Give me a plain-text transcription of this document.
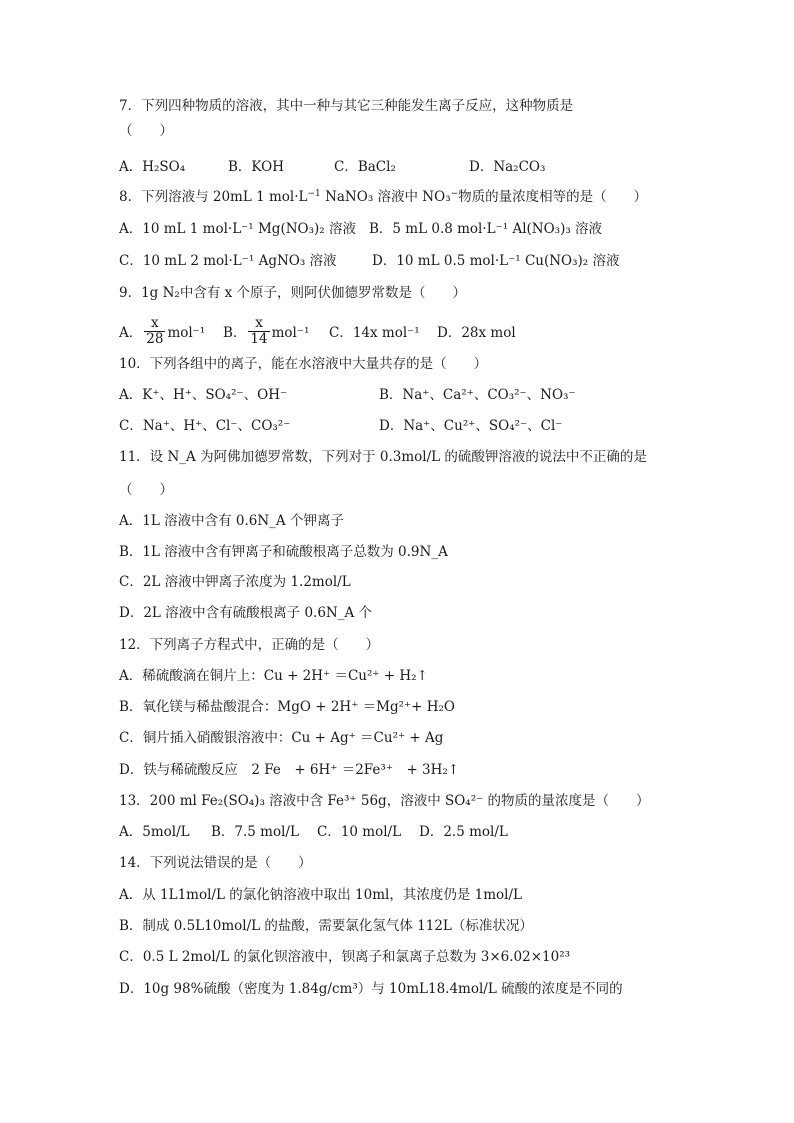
7．下列四种物质的溶液，其中一种与其它三种能发生离子反应，这种物质是
（　　）
A．H₂SO₄	B．KOH	C．BaCl₂	D．Na₂CO₃
8．下列溶液与 20mL 1 $mol\cdot L^{-1}$ NaNO₃ 溶液中 NO₃−物质的量浓度相等的是（　　）
A．10 mL 1 mol·L⁻¹ Mg(NO₃)₂ 溶液 B．5 mL 0.8 mol·L⁻¹ Al(NO₃)₃ 溶液
C．10 mL 2 mol·L⁻¹ AgNO₃ 溶液	D．10 mL 0.5 mol·L⁻¹ Cu(NO₃)₂ 溶液
9．1g N₂中含有 x 个原子，则阿伏伽德罗常数是（　　）
A． $\frac{x}{28} mol^{-1}$ B． $\frac{x}{14} mol^{-1}$ C．14x mol⁻¹ D．28x mol
10．下列各组中的离子，能在水溶液中大量共存的是（　　）
A．K⁺、H⁺、SO₄²⁻、OH⁻	B．Na⁺、Ca²⁺、CO₃²⁻、NO₃⁻
C．Na⁺、H⁺、Cl⁻、CO₃²⁻	D．Na⁺、Cu²⁺、SO₄²⁻、Cl⁻
11．设 N_A 为阿佛加德罗常数，下列对于 0.3mol/L 的硫酸钾溶液的说法中不正确的是
（　　）
A．1L 溶液中含有 0.6N_A 个钾离子
B．1L 溶液中含有钾离子和硫酸根离子总数为 0.9N_A
C．2L 溶液中钾离子浓度为 1.2mol/L
D．2L 溶液中含有硫酸根离子 0.6N_A 个
12．下列离子方程式中，正确的是（　　）
A．稀硫酸滴在铜片上：Cu + 2H⁺ ＝Cu²⁺ + H₂↑
B．氧化镁与稀盐酸混合：MgO + 2H⁺ ＝Mg²⁺+ H₂O
C．铜片插入硝酸银溶液中：Cu + Ag⁺ ＝Cu²⁺ + Ag
D．铁与稀硫酸反应　2 Fe　+ 6H⁺ ＝2Fe³⁺　+ 3H₂↑
13．200 ml Fe₂(SO₄)₃ 溶液中含 Fe³⁺ 56g，溶液中 SO₄²⁻ 的物质的量浓度是（　　）
A．5mol/L B．7.5 mol/L C．10 mol/L D．2.5 mol/L
14．下列说法错误的是（　　）
A．从 1L1mol/L 的氯化钠溶液中取出 10ml，其浓度仍是 1mol/L
B．制成 0.5L10mol/L 的盐酸，需要氯化氢气体 112L（标准状况）
C．0.5 L 2mol/L 的氯化钡溶液中，钡离子和氯离子总数为 3×6.02×10²³
D．10g 98%硫酸（密度为 1.84g/cm³）与 10mL18.4mol/L 硫酸的浓度是不同的
